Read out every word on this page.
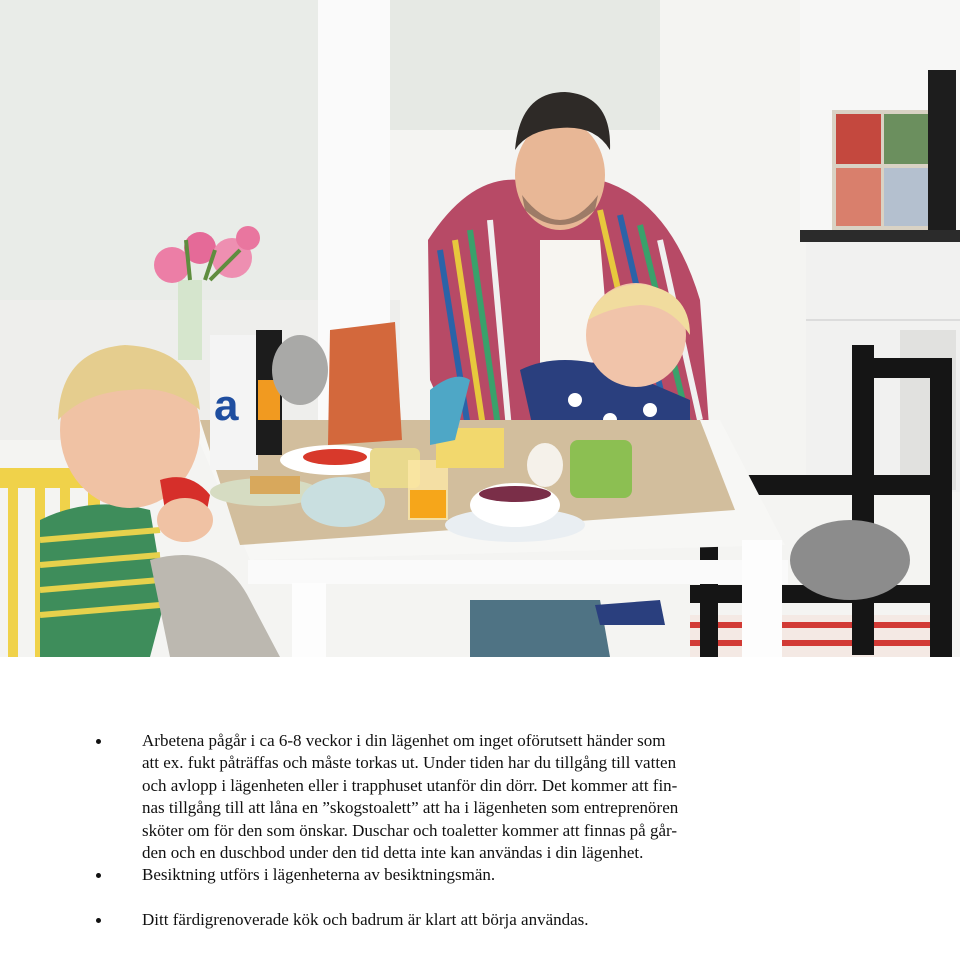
a
Arbetena pågår i ca 6-8 veckor i din lägenhet om inget oförutsett händer som
att ex. fukt påträffas och måste torkas ut. Under tiden har du tillgång till vatten
och avlopp i lägenheten eller i trapphuset utanför din dörr. Det kommer att fin-
nas tillgång till att låna en ”skogstoalett” att ha i lägenheten som entreprenören
sköter om för den som önskar. Duschar och toaletter kommer att finnas på går-
den och en duschbod under den tid detta inte kan användas i din lägenhet.
Besiktning utförs i lägenheterna av besiktningsmän.
Ditt färdigrenoverade kök och badrum är klart att börja användas.
